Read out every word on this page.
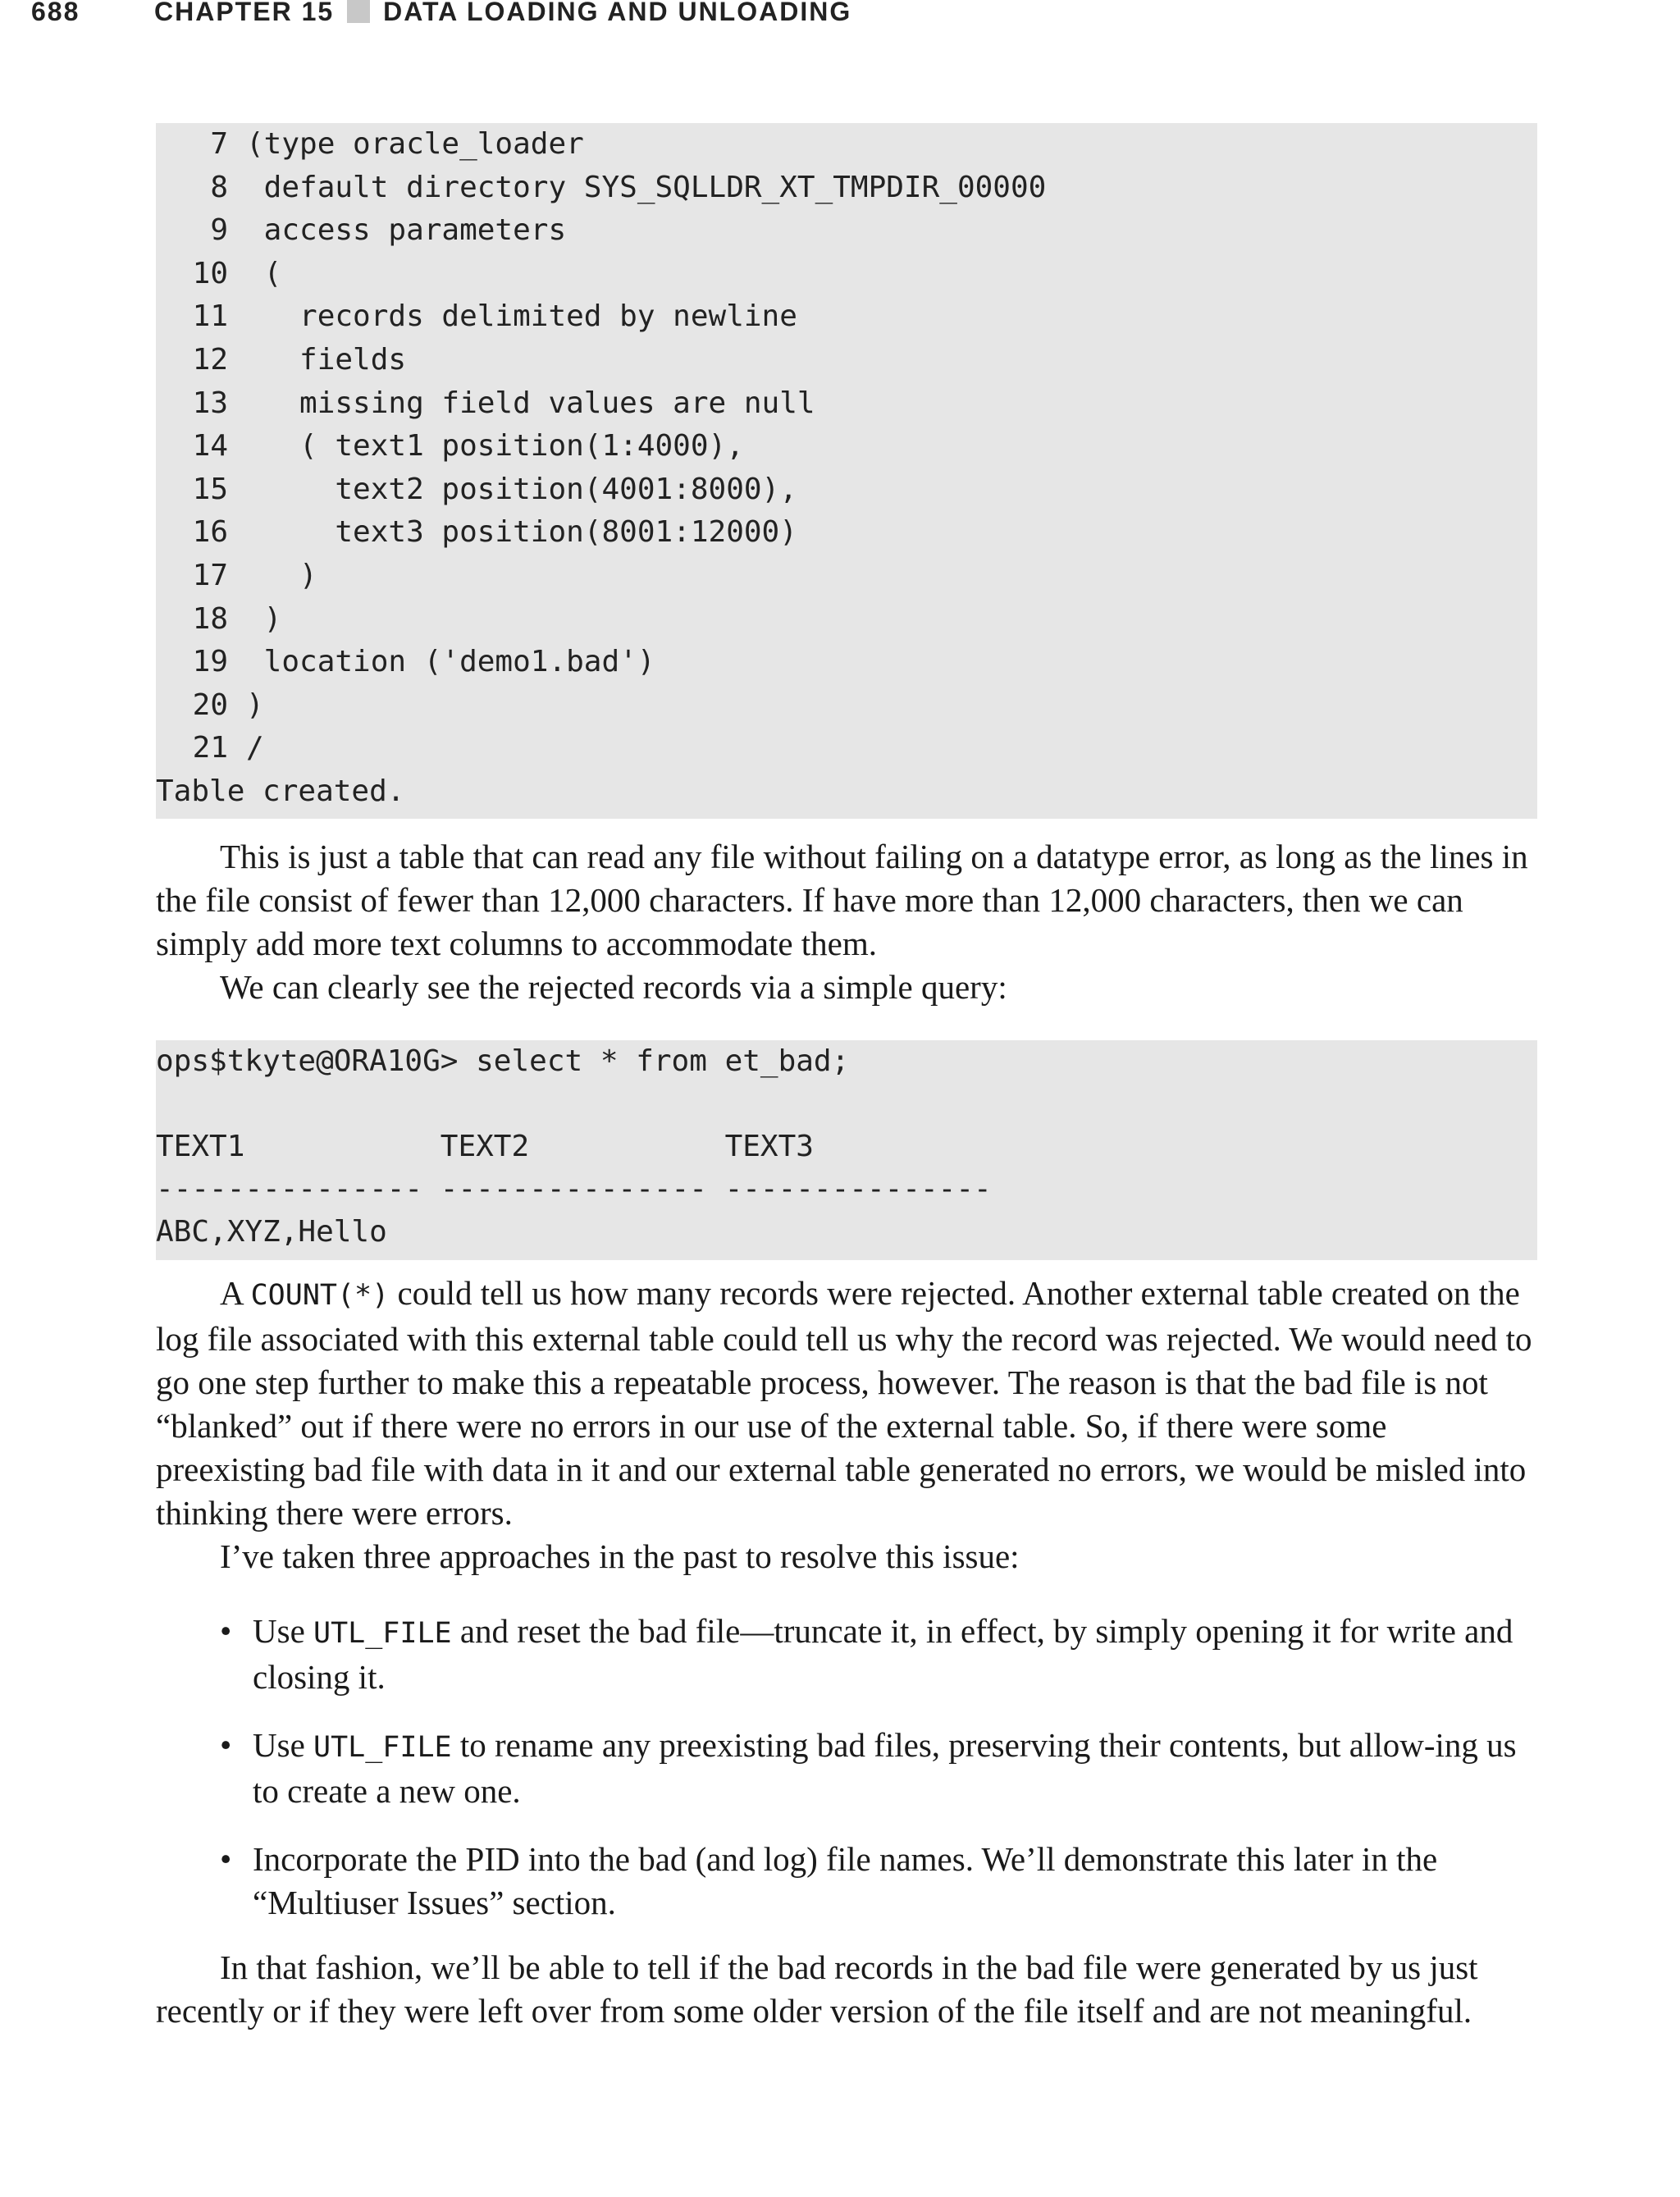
688	CHAPTER 15 DATA LOADING AND UNLOADING
7 (type oracle_loader
8 default directory SYS_SQLLDR_XT_TMPDIR_00000
9 access parameters
10 (
11   records delimited by newline
12   fields
13   missing field values are null
14   ( text1 position(1:4000),
15     text2 position(4001:8000),
16     text3 position(8001:12000)
17   )
18 )
19 location ('demo1.bad')
20 )
21 /
Table created.

This is just a table that can read any file without failing on a datatype error, as long as the lines in the file consist of fewer than 12,000 characters. If have more than 12,000 characters, then we can simply add more text columns to accommodate them.

We can clearly see the rejected records via a simple query:

ops$tkyte@ORA10G> select * from et_bad;
TEXT1           TEXT2           TEXT3
--------------- --------------- ---------------
ABC,XYZ,Hello

A COUNT(*) could tell us how many records were rejected. Another external table created on the log file associated with this external table could tell us why the record was rejected. We would need to go one step further to make this a repeatable process, however. The reason is that the bad file is not “blanked” out if there were no errors in our use of the external table. So, if there were some preexisting bad file with data in it and our external table generated no errors, we would be misled into thinking there were errors.

I’ve taken three approaches in the past to resolve this issue:

• Use UTL_FILE and reset the bad file—truncate it, in effect, by simply opening it for write and closing it.
• Use UTL_FILE to rename any preexisting bad files, preserving their contents, but allow-ing us to create a new one.
• Incorporate the PID into the bad (and log) file names. We’ll demonstrate this later in the “Multiuser Issues” section.

In that fashion, we’ll be able to tell if the bad records in the bad file were generated by us just recently or if they were left over from some older version of the file itself and are not meaningful.
